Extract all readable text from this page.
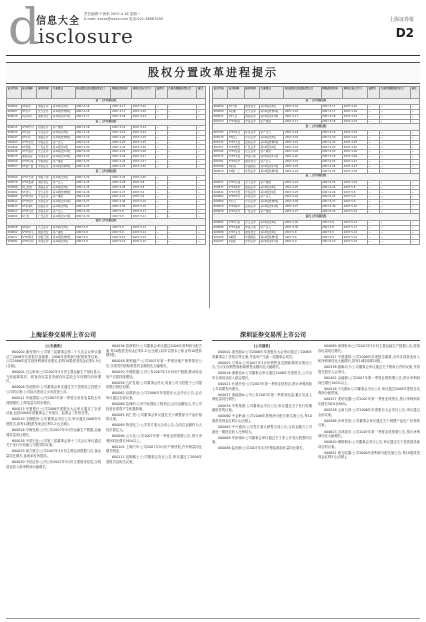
d
信息大全
isclosure
责任编辑:于海荣 2007.4.16 星期一
E-mail: xxxxx@xxxx.com 电话:021-38967000	上海证券报
D2
股权分置改革进程提示
证券代码	证券简称	保荐机构	方案要点	相关股东会议股权登记日	网络投票时间	现场会议召开日	复牌日	方案实施股权登记日	备注
第一工作周期进程									
000004	ST国农	国信证券	每10股送3股	2007.4.16	2007.4.17	2007.4.20	—	—	—
000007	ST达声	光大证券	每10股转增5股	2007.4.16	2007.4.17	2007.4.20	—	—	—
000010	S深华新	国泰君安	每10股送2.5股	2007.4.17	2007.4.18	2007.4.23	—	—	—
第二工作周期进程									
000015	S*ST中川	招商证券	资产重组	2007.4.18	2007.4.19	2007.4.24	—	—	—
000034	ST深泰	平安证券	每10股送3股	2007.4.18	2007.4.19	2007.4.24	—	—	—
000047	ST中侨	国信证券	每10股转增4股	2007.4.19	2007.4.20	2007.4.25	—	—	—
000403	S*ST生化	中信证券	资产注入	2007.4.19	2007.4.20	2007.4.25	—	—	—
000409	ST泰格	广发证券	每10股送2股	2007.4.20	2007.4.23	2007.4.26	—	—	—
000416	ST华盛达	长江证券	每10股送3.2股	2007.4.20	2007.4.23	2007.4.26	—	—	—
000515	攀渝钛业	华西证券	每10股送2.8股	2007.4.23	2007.4.24	2007.4.27	—	—	—
000520	S*ST凤凰	中银国际	资产重组	2007.4.23	2007.4.24	2007.4.27	—	—	—
000557	ST银广夏	华泰证券	每10股转增3股	2007.4.24	2007.4.25	2007.4.30	—	—	—
第三工作周期进程									
000569	S*ST长钢	申银万国	每10股送2股	2007.4.24	2007.4.25	2007.4.30	—	—	—
000578	S*ST盐湖	国泰君安	资产注入	2007.4.25	2007.4.26	2007.5.8	—	—	—
000586	S汇源通	国信证券	每10股送3股	2007.4.25	2007.4.26	2007.5.8	—	—	—
000602	ST金马	光大证券	每10股转增6股	2007.4.26	2007.4.27	2007.5.9	—	—	—
000605	S*ST四环	平安证券	资产重组	2007.4.26	2007.4.27	2007.5.9	—	—	—
000611	S*ST时代	华泰证券	每10股送2.6股	2007.4.27	2007.4.30	2007.5.10	—	—	—
000613	ST东海A	招商证券	每10股送3股	2007.4.27	2007.4.30	2007.5.10	—	—	—
000617	S*ST石化	中信证券	资产注入	2007.4.30	2007.5.8	2007.5.11	—	—	—
000650	S仁和	广发证券	每10股送2.5股	2007.4.30	2007.5.8	2007.5.11	—	—	—
第四工作周期进程									
000658	ST海洋	长江证券	每10股送3股	2007.5.8	2007.5.9	2007.5.14	—	—	—
000662	S*ST索芙	国泰君安	资产重组	2007.5.8	2007.5.9	2007.5.14	—	—	—
000677	S*ST海龙	申银万国	每10股转增5股	2007.5.9	2007.5.10	2007.5.15	—	—	—
000681	S*ST远东	华西证券	每10股送2股	2007.5.9	2007.5.10	2007.5.15	—	—	—
证券代码	证券简称	保荐机构	方案要点	相关股东会议股权登记日	网络投票时间	现场会议召开日	复牌日	方案实施股权登记日	备注
第一工作周期进程									
600656	ST方源	国泰君安	每10股送3股	2007.4.16	2007.4.17	2007.4.20	—	—	—
600659	S花雕	光大证券	每10股转增4股	2007.4.16	2007.4.17	2007.4.20	—	—	—
600671	ST天目	国信证券	每10股送2.8股	2007.4.17	2007.4.18	2007.4.23	—	—	—
600700	S*ST数码	中信证券	资产重组	2007.4.17	2007.4.18	2007.4.23	—	—	—
第二工作周期进程									
600705	S*ST北亚	华泰证券	资产注入	2007.4.18	2007.4.19	2007.4.24	—	—	—
600715	ST松辽	平安证券	每10股送3股	2007.4.18	2007.4.19	2007.4.24	—	—	—
600747	S*ST大显	招商证券	每10股转增5股	2007.4.19	2007.4.20	2007.4.25	—	—	—
600757	S*ST源发	广发证券	每10股送2股	2007.4.19	2007.4.20	2007.4.25	—	—	—
600762	S*ST金荔	长江证券	资产重组	2007.4.20	2007.4.23	2007.4.26	—	—	—
600772	S*ST龙昌	申银万国	每10股送3.2股	2007.4.20	2007.4.23	2007.4.26	—	—	—
600781	S*ST民丰	国泰君安	资产注入	2007.4.23	2007.4.24	2007.4.27	—	—	—
600786	S东锅	中银国际	每10股送2.5股	2007.4.23	2007.4.24	2007.4.27	—	—	—
600813	ST鞍一工	华西证券	每10股转增3股	2007.4.24	2007.4.25	2007.4.30	—	—	—
第三工作周期进程									
600817	S*ST宏盛	光大证券	资产重组	2007.4.24	2007.4.25	2007.4.30	—	—	—
600837	S*ST都市	国信证券	每10股送3股	2007.4.25	2007.4.26	2007.5.8	—	—	—
600842	S*ST中西	中信证券	每10股送2股	2007.4.25	2007.4.26	2007.5.8	—	—	—
600852	S*ST中川	华泰证券	资产注入	2007.4.26	2007.4.27	2007.5.9	—	—	—
600856	S长百	平安证券	每10股转增6股	2007.4.26	2007.4.27	2007.5.9	—	—	—
600870	S*ST厦华	招商证券	每10股送2.6股	2007.4.27	2007.4.30	2007.5.10	—	—	—
600878	S*ST北科	广发证券	资产重组	2007.4.27	2007.4.30	2007.5.10	—	—	—
第四工作周期进程									
600892	S*ST石炼	长江证券	每10股送3股	2007.4.30	2007.5.8	2007.5.11	—	—	—
600899	S*ST信联	申银万国	资产注入	2007.4.30	2007.5.8	2007.5.11	—	—	—
600988	S*ST宝龙	国泰君安	每10股送2股	2007.5.8	2007.5.9	2007.5.14	—	—	—
601005	S重钢	中银国际	每10股转增5股	2007.5.8	2007.5.9	2007.5.14	—	—	—
601007	S金陵	华西证券	每10股送2.5股	2007.5.9	2007.5.10	2007.5.15	—	—	—
上海证券交易所上市公司	深圳证券交易所上市公司

[公告摘要]

600000 浦发银行:公司第三届董事会第二十九次会议审议通过了2006年年度报告及摘要、2006年度利润分配预案等议案。公司2006年度实现净利润同比增长,拟每10股派发现金红利1.5元(含税)。

600004 白云机场:公司2007年3月份主要运输生产指标显示,飞机起降架次、旅客吞吐量及货邮吞吐量较去年同期均有所增长。

600008 首创股份:公司董事会审议通过关于投资设立控股子公司的议案,公司拟出资设立水务投资公司。

600011 华能国际:公司2007年第一季度完成发电量较去年同期增长,上网电量亦同步增长。

600015 华夏银行:公司2006年度股东大会审议通过了全部议案,包括2006年度董事会工作报告、监事会工作报告等。

600019 宝钢股份:公司董事会决议公告,审议通过2006年年度报告,拟每10股派发现金红利3.2元(含税)。

600026 中海发展:公司公布2007年3月份运输生产数据,运输周转量同比增长。

600028 中国石化:公司第三届董事会第十三次会议审议通过关于发行可转换公司债券的议案。

600029 南方航空:公司2007年3月份主要运营数据公告,客运量同比增长,客座率有所提高。

600030 中信证券:公司公布2007年3月份主要财务信息,实现营业收入和净利润大幅增长。

600036 招商银行:公司董事会审议通过2006年度利润分配方案,每10股派发现金红利1.2元(含税),同时以资本公积金每10股转增3股。

600048 保利地产:公司2007年第一季度房地产销售情况公告,实现签约面积和签约金额同比大幅增长。

600050 中国联通:公司公布2007年3月份用户数据,移动电话用户总数持续增加。

600058 五矿发展:公司董事会决议,同意公司为控股子公司提供银行授信担保。

600062 双鹤药业:公司2006年年度股东大会决议公告,会议审议通过全部议案。

600068 葛洲坝:公司中标国际工程项目,合同金额较大,对公司经营业绩将产生积极影响。

600085 同仁堂:公司董事会审议通过关于调整部分产品价格的议案。

600089 特变电工:公司签订重大合同公告,合同总金额约为人民币数亿元。

600096 云天化:公司2007年第一季度业绩预增公告,预计净利润同比增长50%以上。

600104 上海汽车:公司2007年3月份产销快报,汽车销量同比增长明显。

600111 包钢稀土:公司董事会决议公告,审议通过了2006年度报告及相关议案。

[公告摘要]

000001 深发展A:公司2006年年度股东大会审议通过了2006年度董事会工作报告等议案,并选举产生新一届董事会成员。

000002 万科A:公司2007年3月份销售及近期新增项目情况公告,当月实现销售面积和销售金额同比大幅增长。

000016 深康佳A:公司董事会审议通过2006年年度报告,公司全年实现营业收入稳定增长。

000021 长城开发:公司2007年第一季度业绩预告,预计净利润较上年同期有所增长。

000027 深能源A:公司公布2007年第一季度发电量,累计完成上网电量同比增长。

000039 中集集团:公司董事会决议公告,审议通过关于发行短期融资券的议案。

000060 中金岭南:公司2006年度利润分配方案实施公告,每10股派发现金红利2元(含税)。

000063 中兴通讯:公司签订重大销售合同公告,合同金额占公司最近一期营业收入比例较大。

000069 华侨城A:公司董事会审议通过关于非公开发行股票的议案。

000088 盐田港:公司2007年3月份集装箱吞吐量同比增长。

000089 深圳机场:公司2007年3月份主要运输生产数据公告,旅客吞吐量同比增长。

000157 中联重科:公司2006年年度报告摘要,全年实现营业收入和净利润同比大幅增长,拟每10股转增10股。

000338 潍柴动力:公司董事会审议通过关于吸收合并的议案,并将提交股东大会审议。

000402 金融街:公司2007年第一季度业绩预增公告,预计净利润同比增长100%以上。

000418 小天鹅A:公司董事会决议公告,审议通过2006年度报告及利润分配预案。

000527 美的电器:公司2007年第一季度业绩预告,预计净利润同比增长50%至80%。

000538 云南白药:公司2006年年度股东大会决议公告,审议通过全部议案。

000568 泸州老窖:公司董事会审议通过关于调整产品出厂价格的议案。

000623 吉林敖东:公司2007年第一季度业绩预增公告,预计净利润同比大幅增长。

000630 铜都铜业:公司董事会决议公告,审议通过关于投资建设新项目的议案。

000651 格力电器:公司2006年度利润分配实施公告,每10股派发现金红利3元(含税)。
